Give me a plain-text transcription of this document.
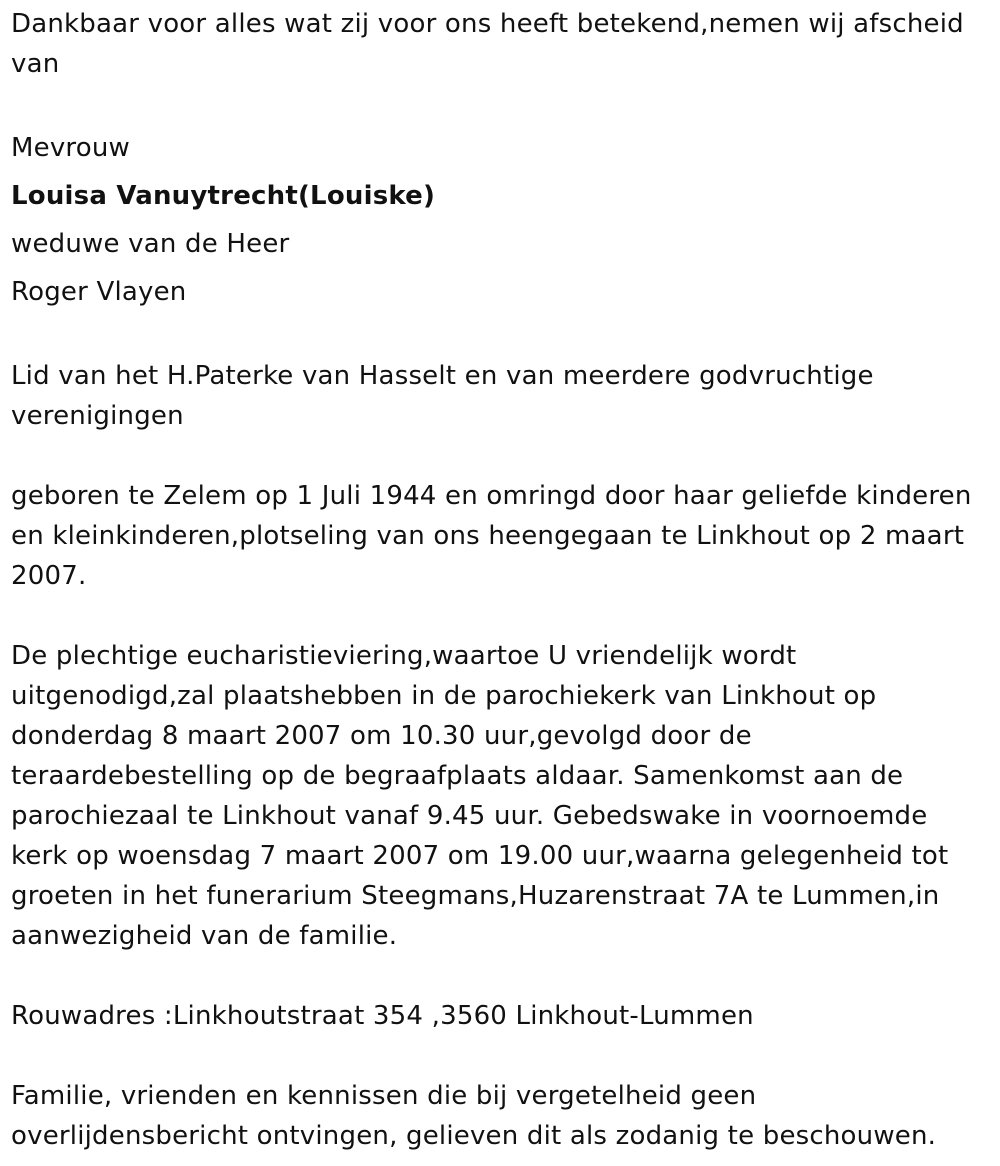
Dankbaar voor alles wat zij voor ons heeft betekend,nemen wij afscheid van

Mevrouw
Louisa Vanuytrecht(Louiske)
weduwe van de Heer
Roger Vlayen

Lid van het H.Paterke van Hasselt en van meerdere godvruchtige verenigingen

geboren te Zelem op 1 Juli 1944 en omringd door haar geliefde kinderen en kleinkinderen,plotseling van ons heengegaan te Linkhout op 2 maart 2007.

De plechtige eucharistieviering,waartoe U vriendelijk wordt uitgenodigd,zal plaatshebben in de parochiekerk van Linkhout op donderdag 8 maart 2007 om 10.30 uur,gevolgd door de teraardebestelling op de begraafplaats aldaar. Samenkomst aan de parochiezaal te Linkhout vanaf 9.45 uur. Gebedswake in voornoemde kerk op woensdag 7 maart 2007 om 19.00 uur,waarna gelegenheid tot groeten in het funerarium Steegmans,Huzarenstraat 7A te Lummen,in aanwezigheid van de familie.

Rouwadres :Linkhoutstraat 354 ,3560 Linkhout-Lummen

Familie, vrienden en kennissen die bij vergetelheid geen overlijdensbericht ontvingen, gelieven dit als zodanig te beschouwen.
